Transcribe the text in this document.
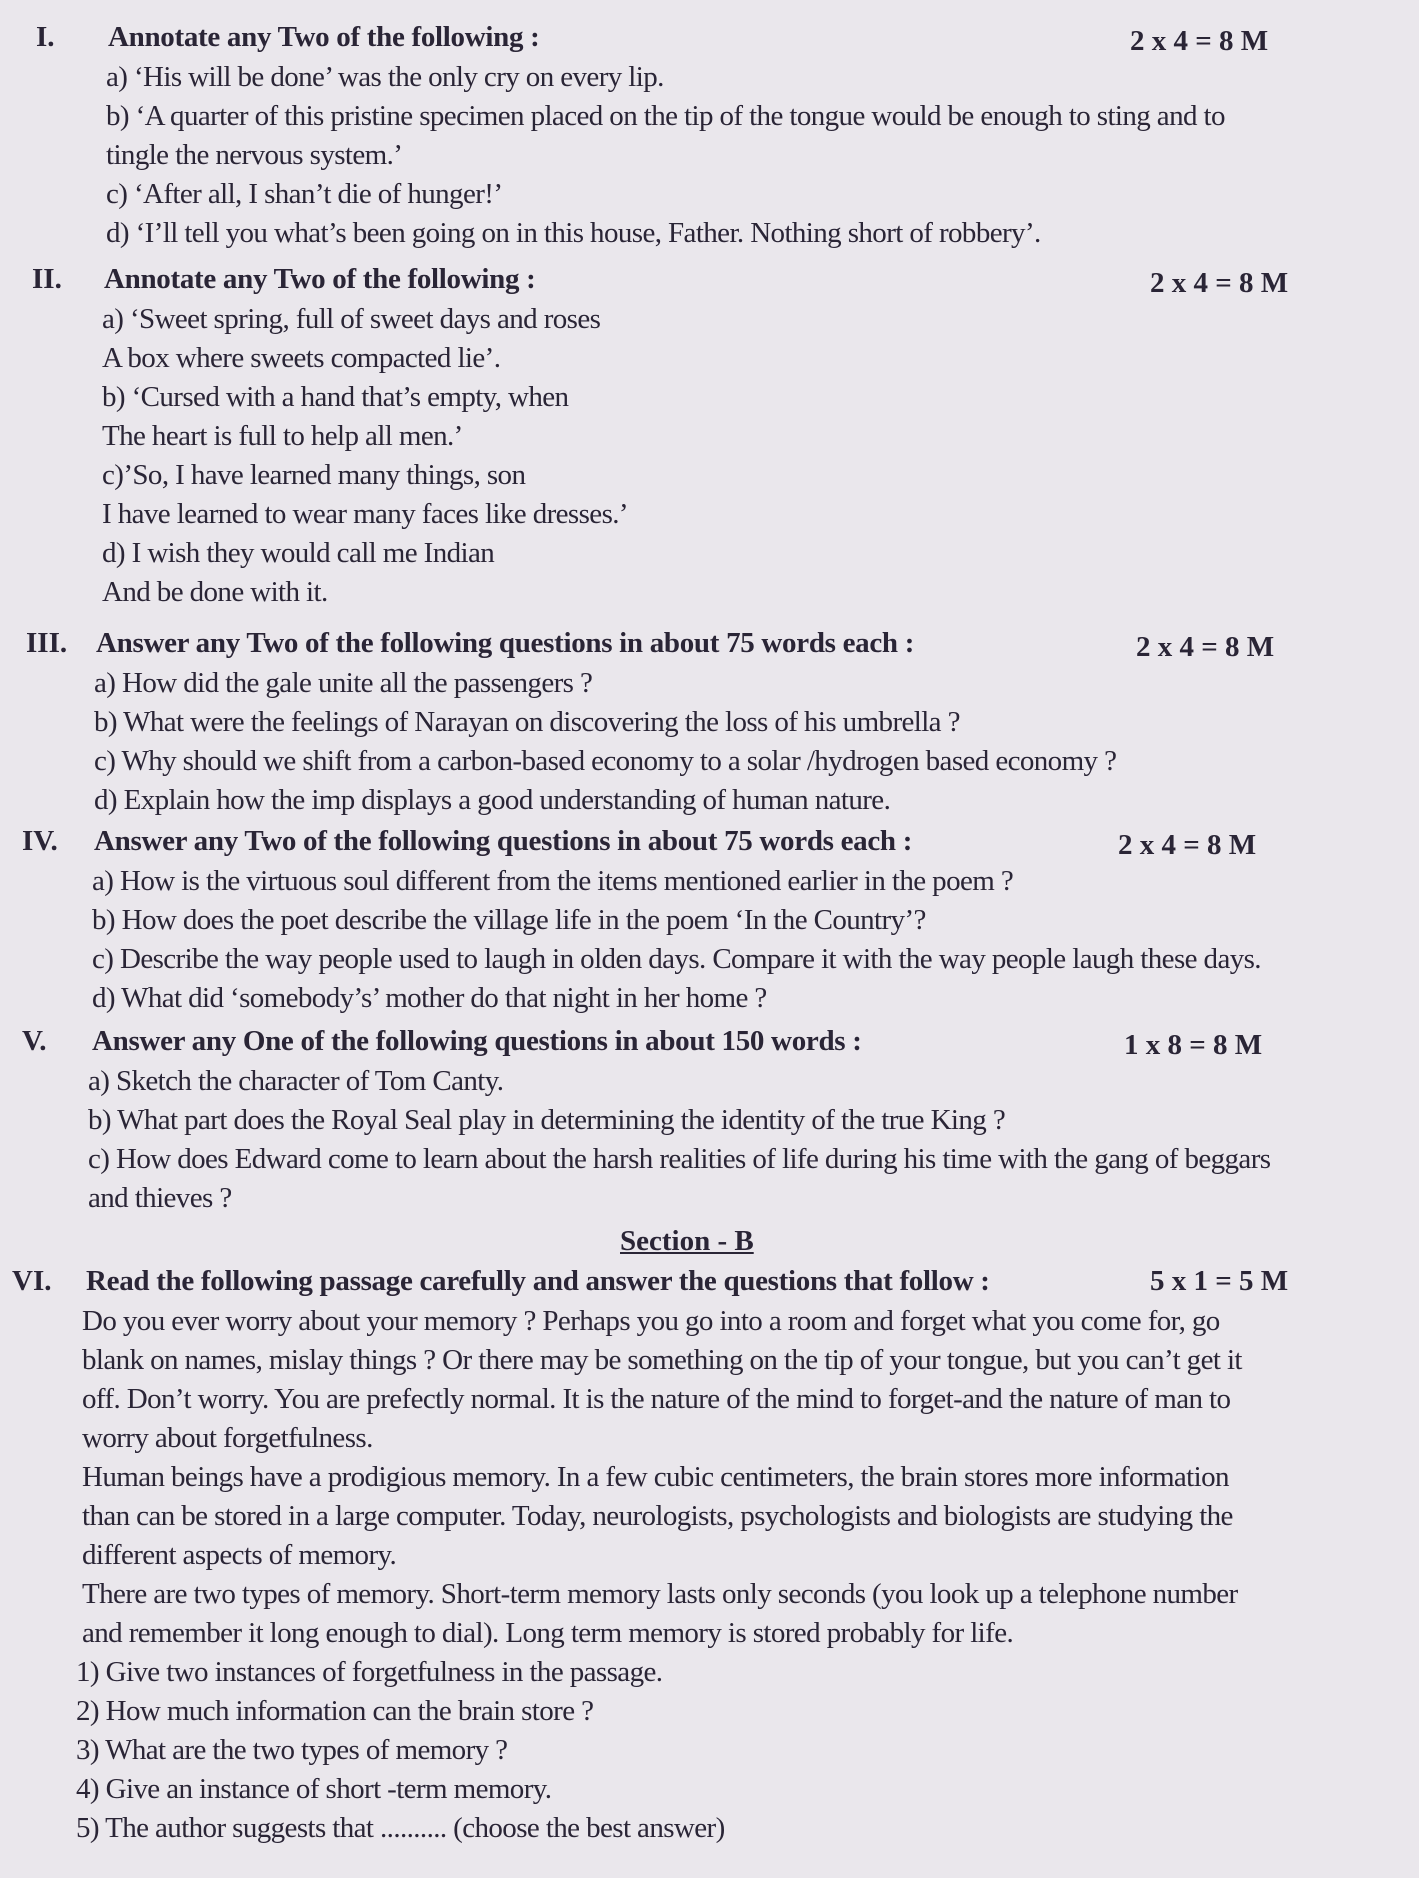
I. Annotate any Two of the following :	2 x 4 = 8 M
a) ‘His will be done’ was the only cry on every lip.
b) ‘A quarter of this pristine specimen placed on the tip of the tongue would be enough to sting and to
tingle the nervous system.’
c) ‘After all, I shan’t die of hunger!’
d) ‘I’ll tell you what’s been going on in this house, Father. Nothing short of robbery’.
II. Annotate any Two of the following :	2 x 4 = 8 M
a) ‘Sweet spring, full of sweet days and roses
A box where sweets compacted lie’.
b) ‘Cursed with a hand that’s empty, when
The heart is full to help all men.’
c)’So, I have learned many things, son
I have learned to wear many faces like dresses.’
d) I wish they would call me Indian
And be done with it.
III. Answer any Two of the following questions in about 75 words each :	2 x 4 = 8 M
a) How did the gale unite all the passengers ?
b) What were the feelings of Narayan on discovering the loss of his umbrella ?
c) Why should we shift from a carbon-based economy to a solar /hydrogen based economy ?
d) Explain how the imp displays a good understanding of human nature.
IV. Answer any Two of the following questions in about 75 words each :	2 x 4 = 8 M
a) How is the virtuous soul different from the items mentioned earlier in the poem ?
b) How does the poet describe the village life in the poem ‘In the Country’?
c) Describe the way people used to laugh in olden days. Compare it with the way people laugh these days.
d) What did ‘somebody’s’ mother do that night in her home ?
V. Answer any One of the following questions in about 150 words :	1 x 8 = 8 M
a) Sketch the character of Tom Canty.
b) What part does the Royal Seal play in determining the identity of the true King ?
c) How does Edward come to learn about the harsh realities of life during his time with the gang of beggars
and thieves ?
Section - B
VI. Read the following passage carefully and answer the questions that follow :	5 x 1 = 5 M
Do you ever worry about your memory ? Perhaps you go into a room and forget what you come for, go
blank on names, mislay things ? Or there may be something on the tip of your tongue, but you can’t get it
off. Don’t worry. You are prefectly normal. It is the nature of the mind to forget-and the nature of man to
worry about forgetfulness.
Human beings have a prodigious memory. In a few cubic centimeters, the brain stores more information
than can be stored in a large computer. Today, neurologists, psychologists and biologists are studying the
different aspects of memory.
There are two types of memory. Short-term memory lasts only seconds (you look up a telephone number
and remember it long enough to dial). Long term memory is stored probably for life.
1) Give two instances of forgetfulness in the passage.
2) How much information can the brain store ?
3) What are the two types of memory ?
4) Give an instance of short -term memory.
5) The author suggests that .......... (choose the best answer)
